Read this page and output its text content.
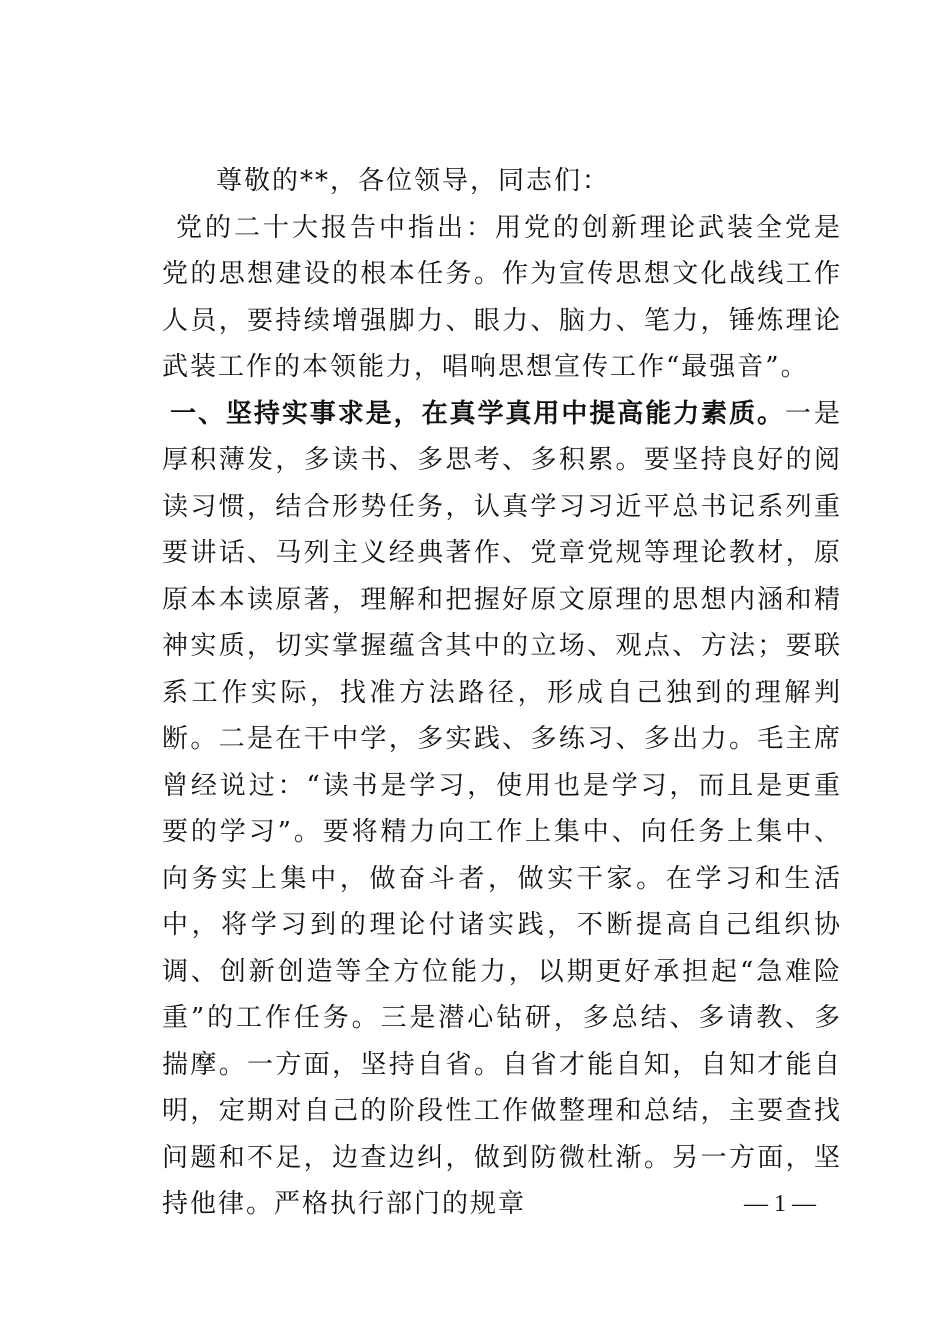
尊敬的**，各位领导，同志们：

党的二十大报告中指出：用党的创新理论武装全党是党的思想建设的根本任务。作为宣传思想文化战线工作人员，要持续增强脚力、眼力、脑力、笔力，锤炼理论武装工作的本领能力，唱响思想宣传工作“最强音”。

一、坚持实事求是，在真学真用中提高能力素质。一是厚积薄发，多读书、多思考、多积累。要坚持良好的阅读习惯，结合形势任务，认真学习习近平总书记系列重要讲话、马列主义经典著作、党章党规等理论教材，原原本本读原著，理解和把握好原文原理的思想内涵和精神实质，切实掌握蕴含其中的立场、观点、方法；要联系工作实际，找准方法路径，形成自己独到的理解判断。二是在干中学，多实践、多练习、多出力。毛主席曾经说过：“读书是学习，使用也是学习，而且是更重要的学习”。要将精力向工作上集中、向任务上集中、向务实上集中，做奋斗者，做实干家。在学习和生活中，将学习到的理论付诸实践，不断提高自己组织协调、创新创造等全方位能力，以期更好承担起“急难险重”的工作任务。三是潜心钻研，多总结、多请教、多揣摩。一方面，坚持自省。自省才能自知，自知才能自明，定期对自己的阶段性工作做整理和总结，主要查找问题和不足，边查边纠，做到防微杜渐。另一方面，坚持他律。严格执行部门的规章	— 1 —
